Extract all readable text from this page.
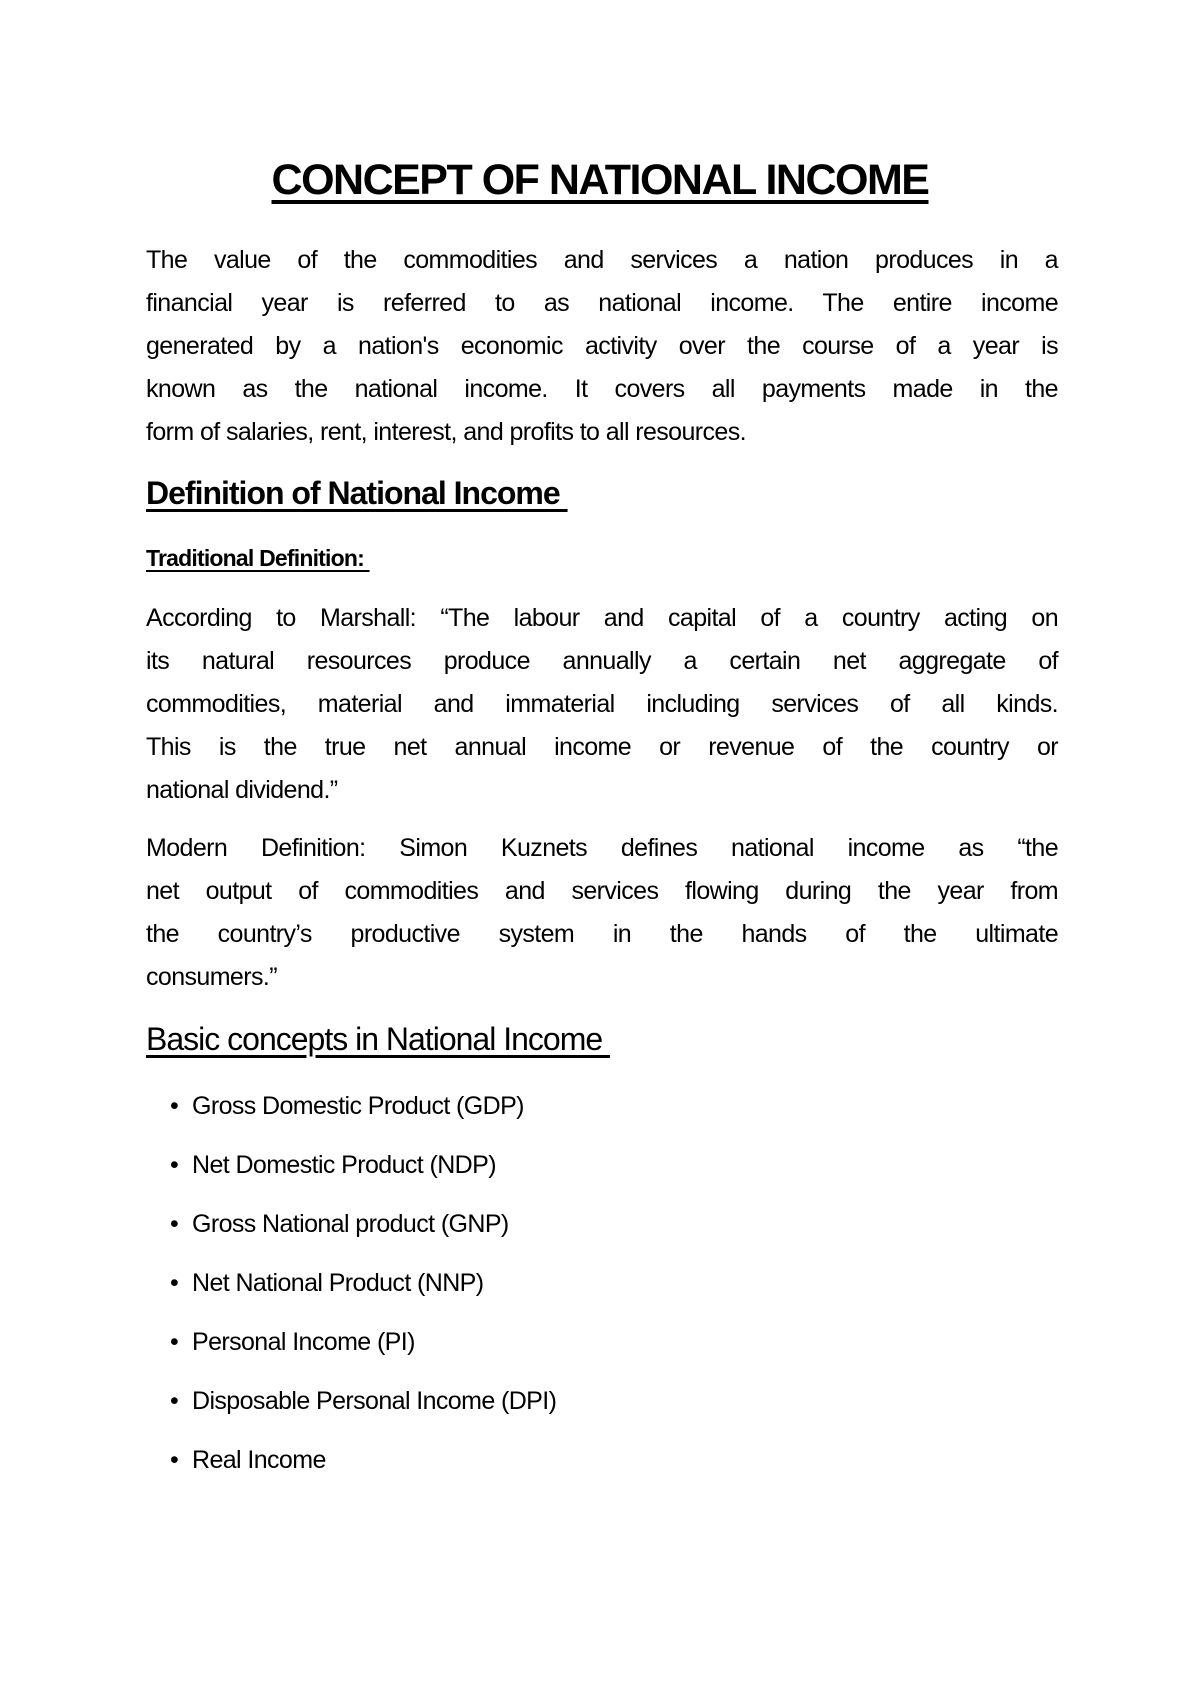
CONCEPT OF NATIONAL INCOME
The value of the commodities and services a nation produces in a
financial year is referred to as national income. The entire income
generated by a nation's economic activity over the course of a year is
known as the national income. It covers all payments made in the
form of salaries, rent, interest, and profits to all resources.
Definition of National Income
Traditional Definition:
According to Marshall: “The labour and capital of a country acting on
its natural resources produce annually a certain net aggregate of
commodities, material and immaterial including services of all kinds.
This is the true net annual income or revenue of the country or
national dividend.”
Modern Definition: Simon Kuznets defines national income as “the
net output of commodities and services flowing during the year from
the country’s productive system in the hands of the ultimate
consumers.”
Basic concepts in National Income
• Gross Domestic Product (GDP)
• Net Domestic Product (NDP)
• Gross National product (GNP)
• Net National Product (NNP)
• Personal Income (PI)
• Disposable Personal Income (DPI)
• Real Income
